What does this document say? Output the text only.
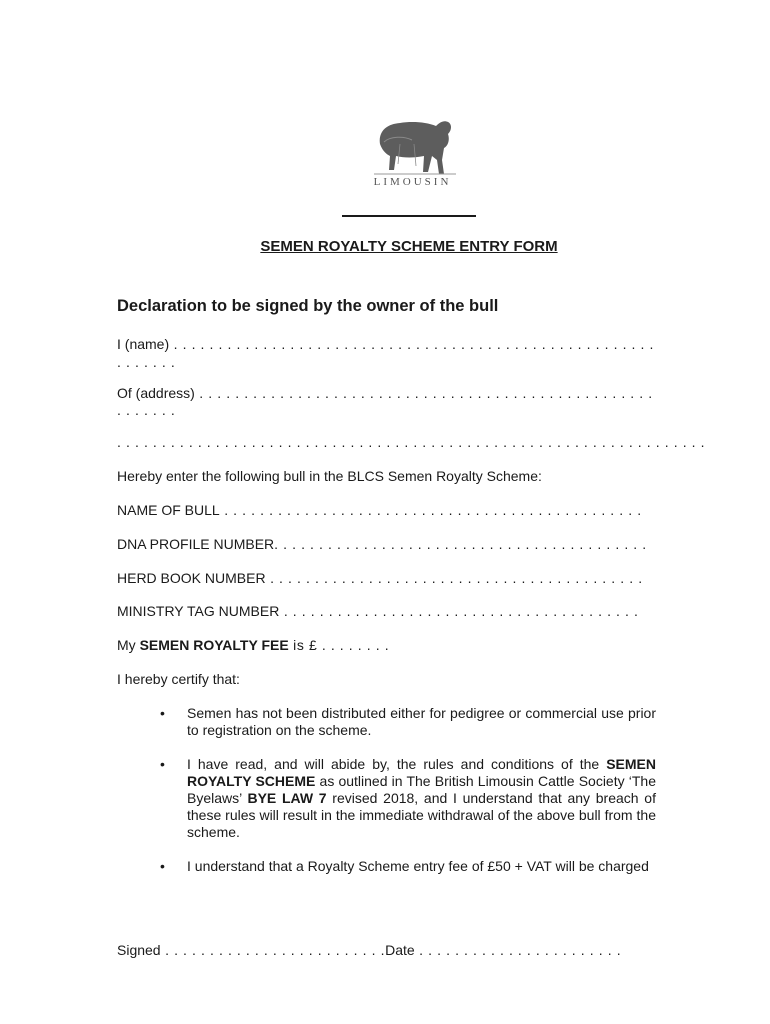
LIMOUSIN
SEMEN ROYALTY SCHEME ENTRY FORM
Declaration to be signed by the owner of the bull
I (name) . . . . . . . . . . . . . . . . . . . . . . . . . . . . . . . . . . . . . . . . . . . . . . . . . . . . . .
. . . . . . .
Of (address) . . . . . . . . . . . . . . . . . . . . . . . . . . . . . . . . . . . . . . . . . . . . . . . . . . .
. . . . . . .
. . . . . . . . . . . . . . . . . . . . . . . . . . . . . . . . . . . . . . . . . . . . . . . . . . . . . . . . . . . . . . . . . .
Hereby enter the following bull in the BLCS Semen Royalty Scheme:
NAME OF BULL . . . . . . . . . . . . . . . . . . . . . . . . . . . . . . . . . . . . . . . . . . . . . . .
DNA PROFILE NUMBER. . . . . . . . . . . . . . . . . . . . . . . . . . . . . . . . . . . . . . . . . .
HERD BOOK NUMBER . . . . . . . . . . . . . . . . . . . . . . . . . . . . . . . . . . . . . . . . . .
MINISTRY TAG NUMBER . . . . . . . . . . . . . . . . . . . . . . . . . . . . . . . . . . . . . . . .
My SEMEN ROYALTY FEE is £ . . . . . . . .
I hereby certify that:
• Semen has not been distributed either for pedigree or commercial use prior to registration on the scheme.
• I have read, and will abide by, the rules and conditions of the SEMEN ROYALTY SCHEME as outlined in The British Limousin Cattle Society ‘The Byelaws’ BYE LAW 7 revised 2018, and I understand that any breach of these rules will result in the immediate withdrawal of the above bull from the scheme.
• I understand that a Royalty Scheme entry fee of £50 + VAT will be charged
Signed . . . . . . . . . . . . . . . . . . . . . . . . .Date . . . . . . . . . . . . . . . . . . . . . . .
